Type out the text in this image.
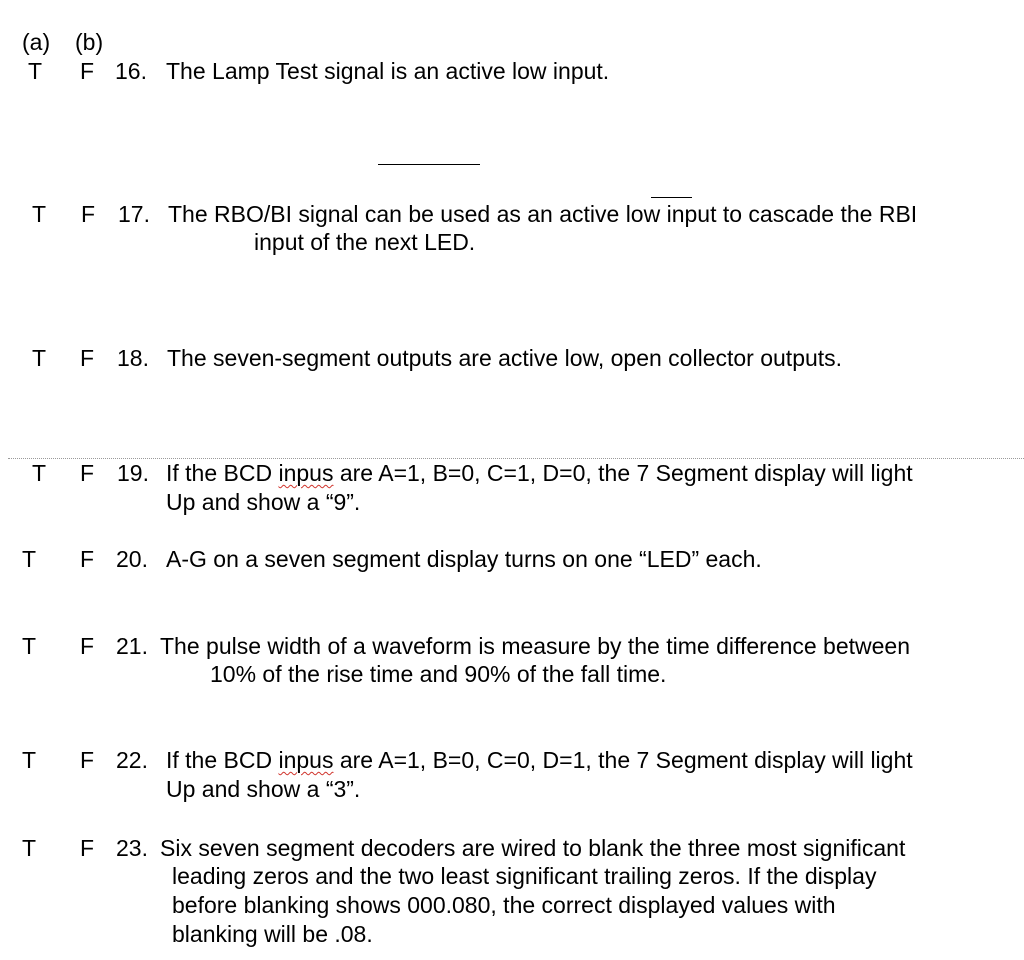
(a) (b)
T F 16. The Lamp Test signal is an active low input.
T F 17. The RBO/BI signal can be used as an active low input to cascade the RBI
input of the next LED.
T F 18. The seven-segment outputs are active low, open collector outputs.
T F 19. If the BCD inpus are A=1, B=0, C=1, D=0, the 7 Segment display will light
Up and show a “9”.
T F 20. A-G on a seven segment display turns on one “LED” each.
T F 21. The pulse width of a waveform is measure by the time difference between
10% of the rise time and 90% of the fall time.
T F 22. If the BCD inpus are A=1, B=0, C=0, D=1, the 7 Segment display will light
Up and show a “3”.
T F 23. Six seven segment decoders are wired to blank the three most significant
leading zeros and the two least significant trailing zeros. If the display
before blanking shows 000.080, the correct displayed values with
blanking will be .08.
